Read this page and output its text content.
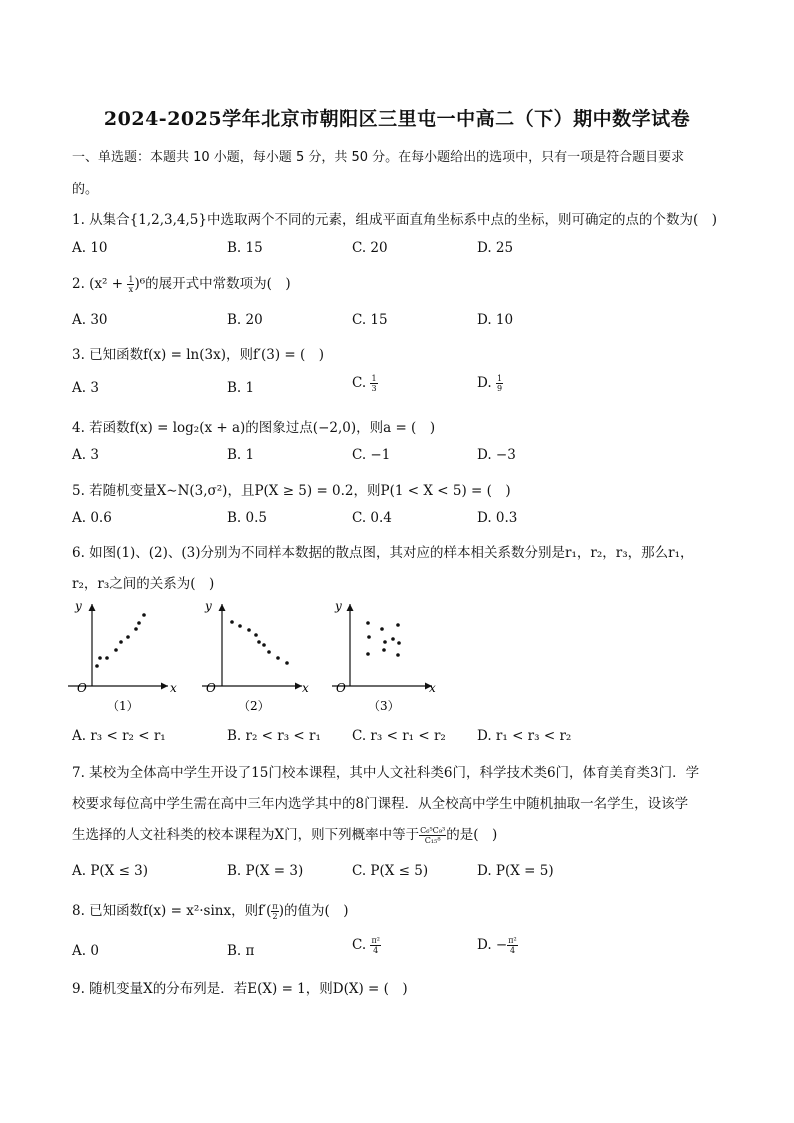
2024-2025学年北京市朝阳区三里屯一中高二（下）期中数学试卷
一、单选题：本题共 10 小题，每小题 5 分，共 50 分。在每小题给出的选项中，只有一项是符合题目要求
的。
1. 从集合{1,2,3,4,5}中选取两个不同的元素，组成平面直角坐标系中点的坐标，则可确定的点的个数为(　)
A. 10	B. 15	C. 20	D. 25
2. $(x^2 + \frac{1}{x} )^6$的展开式中常数项为(　)
A. 30	B. 20	C. 15	D. 10
3. 已知函数f(x) = ln(3x)，则f′(3) = (　)
A. 3	B. 1	C. $\frac{1}{3}$	D. $\frac{1}{9}$
4. 若函数f(x) = log₂(x + a)的图象过点(−2,0)，则a = (　)
A. 3	B. 1	C. −1	D. −3
5. 若随机变量X∼N(3,σ²)，且P(X ≥ 5) = 0.2，则P(1 < X < 5) = (　)
A. 0.6	B. 0.5	C. 0.4	D. 0.3
6. 如图(1)、(2)、(3)分别为不同样本数据的散点图，其对应的样本相关系数分别是r₁，r₂，r₃，那么r₁，
r₂，r₃之间的关系为(　)
y
x
O
（1）
y
x
O
（2）
y
x
O
（3）
A. r₃ < r₂ < r₁	B. r₂ < r₃ < r₁ C. r₃ < r₁ < r₂ D. r₁ < r₃ < r₂
7. 某校为全体高中学生开设了15门校本课程，其中人文社科类6门，科学技术类6门，体育美育类3门．学
校要求每位高中学生需在高中三年内选学其中的8门课程．从全校高中学生中随机抽取一名学生，设该学
生选择的人文社科类的校本课程为X门，则下列概率中等于 $\frac{\text{C₆⁵C₉³}}{\text{C₁₅⁸}}$ 的是(　)
A. P(X ≤ 3)	B. P(X = 3)	C. P(X ≤ 5)	D. P(X = 5)
8. 已知函数f(x) = x²·sinx，则$f'( \frac{\pi}{2}$ )的值为(　)
A. 0	B. π	C. $\frac{\text{π²}}{4}$	D. − $\frac{\text{π²}}{4}$
9. 随机变量X的分布列是．若E(X) = 1，则D(X) = (　)
